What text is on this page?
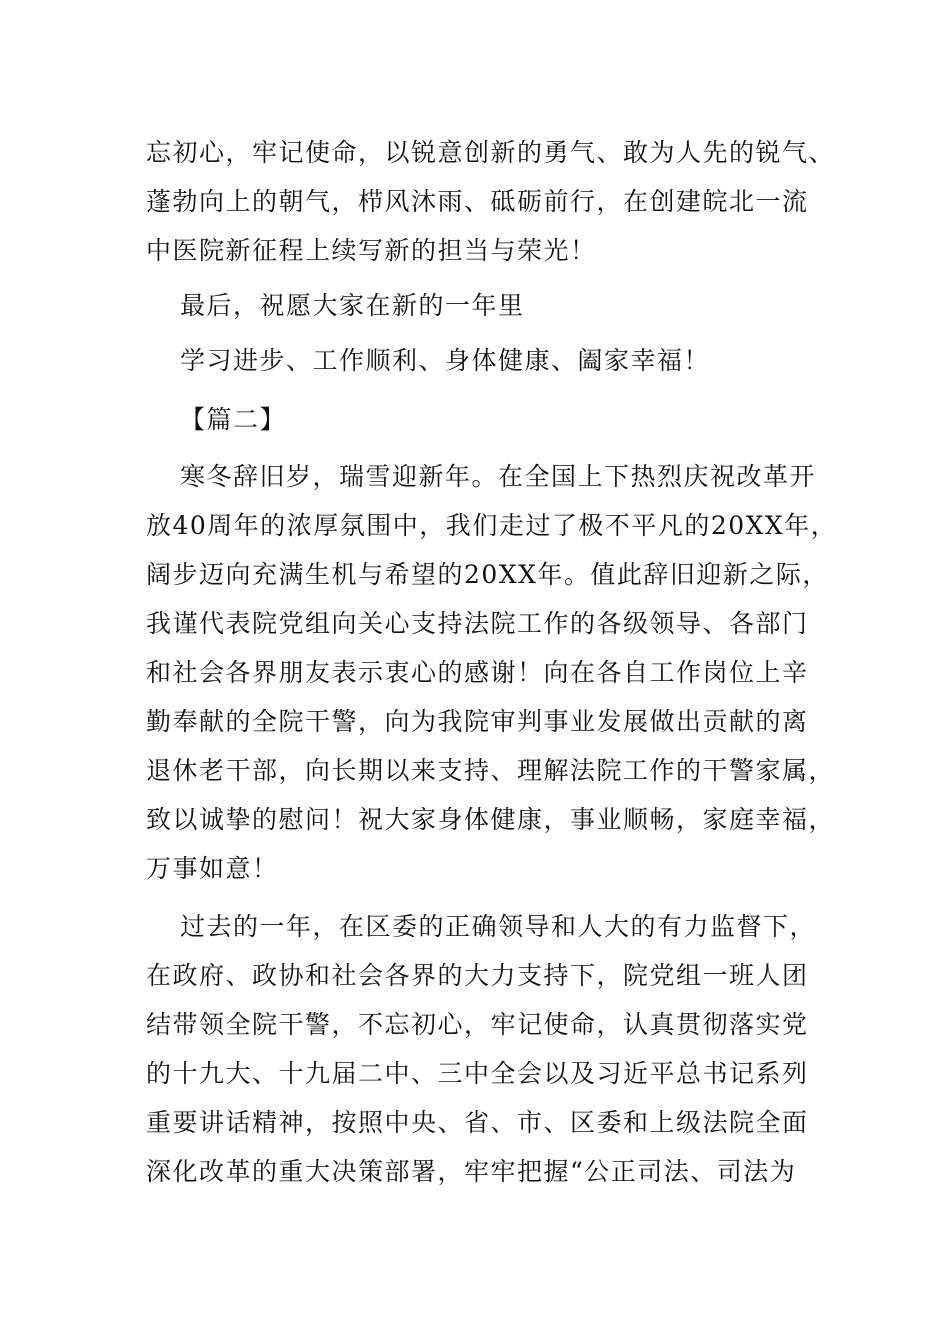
忘初心，牢记使命，以锐意创新的勇气、敢为人先的锐气、
蓬勃向上的朝气，栉风沐雨、砥砺前行，在创建皖北一流
中医院新征程上续写新的担当与荣光！
最后，祝愿大家在新的一年里
学习进步、工作顺利、身体健康、阖家幸福！
【篇二】
寒冬辞旧岁，瑞雪迎新年。在全国上下热烈庆祝改革开
放40周年的浓厚氛围中，我们走过了极不平凡的20XX年，
阔步迈向充满生机与希望的20XX年。值此辞旧迎新之际，
我谨代表院党组向关心支持法院工作的各级领导、各部门
和社会各界朋友表示衷心的感谢！向在各自工作岗位上辛
勤奉献的全院干警，向为我院审判事业发展做出贡献的离
退休老干部，向长期以来支持、理解法院工作的干警家属，
致以诚挚的慰问！祝大家身体健康，事业顺畅，家庭幸福，
万事如意！
过去的一年，在区委的正确领导和人大的有力监督下，
在政府、政协和社会各界的大力支持下，院党组一班人团
结带领全院干警，不忘初心，牢记使命，认真贯彻落实党
的十九大、十九届二中、三中全会以及习近平总书记系列
重要讲话精神，按照中央、省、市、区委和上级法院全面
深化改革的重大决策部署，牢牢把握“公正司法、司法为
